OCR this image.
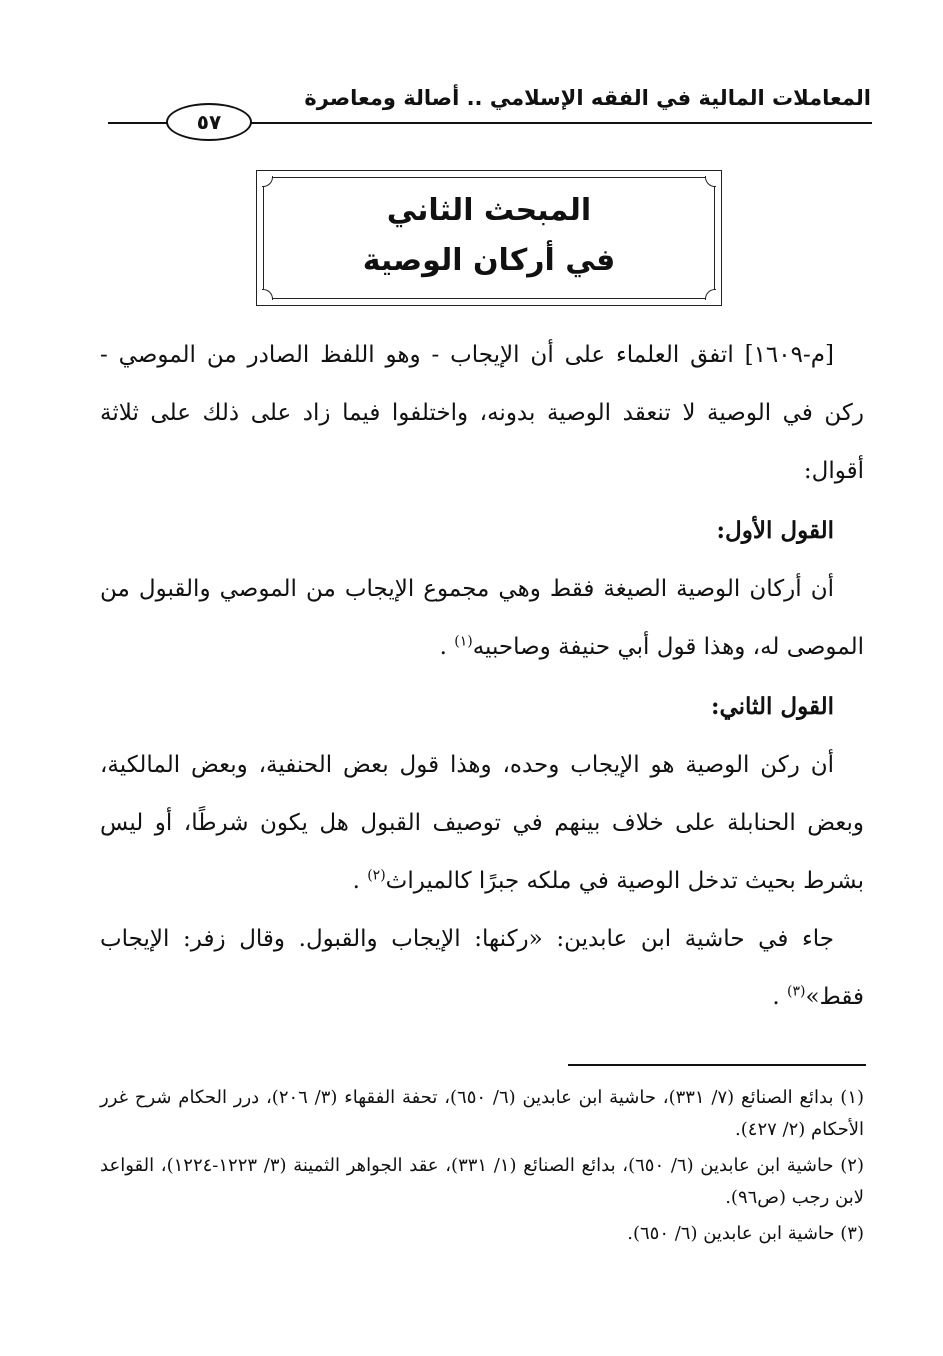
المعاملات المالية في الفقه الإسلامي .. أصالة ومعاصرة
٥٧
المبحث الثاني
في أركان الوصية

[م-١٦٠٩] اتفق العلماء على أن الإيجاب - وهو اللفظ الصادر من الموصي - ركن في الوصية لا تنعقد الوصية بدونه، واختلفوا فيما زاد على ذلك على ثلاثة أقوال:

القول الأول:

أن أركان الوصية الصيغة فقط وهي مجموع الإيجاب من الموصي والقبول من الموصى له، وهذا قول أبي حنيفة وصاحبيه$^{(١)}$ .

القول الثاني:

أن ركن الوصية هو الإيجاب وحده، وهذا قول بعض الحنفية، وبعض المالكية، وبعض الحنابلة على خلاف بينهم في توصيف القبول هل يكون شرطًا، أو ليس بشرط بحيث تدخل الوصية في ملكه جبرًا كالميراث$^{(٢)}$ .

جاء في حاشية ابن عابدين: «ركنها: الإيجاب والقبول. وقال زفر: الإيجاب فقط»$^{(٣)}$ .

(١) بدائع الصنائع (٧/ ٣٣١)، حاشية ابن عابدين (٦/ ٦٥٠)، تحفة الفقهاء (٣/ ٢٠٦)، درر الحكام شرح غرر الأحكام (٢/ ٤٢٧).

(٢) حاشية ابن عابدين (٦/ ٦٥٠)، بدائع الصنائع (١/ ٣٣١)، عقد الجواهر الثمينة (٣/ ١٢٢٣-١٢٢٤)، القواعد لابن رجب (ص٩٦).

(٣) حاشية ابن عابدين (٦/ ٦٥٠).
